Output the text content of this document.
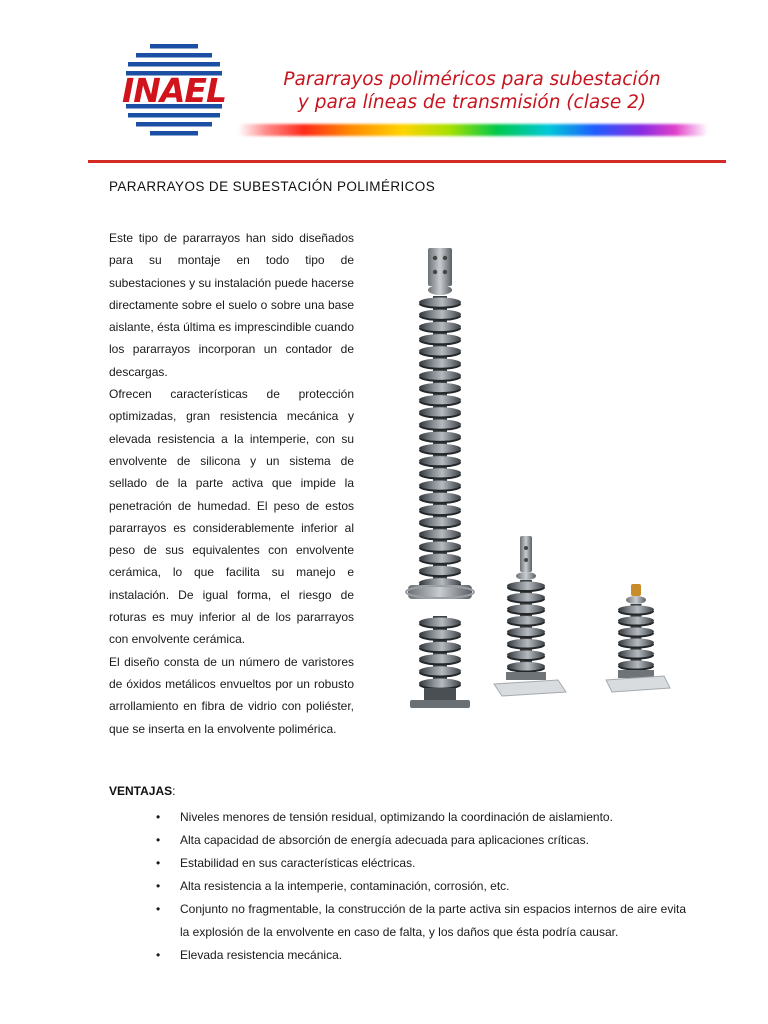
INAEL	Pararrayos poliméricos para subestación
y para líneas de transmisión (clase 2)
PARARRAYOS DE SUBESTACIÓN POLIMÉRICOS

Este tipo de pararrayos han sido diseñados para su montaje en todo tipo de subestaciones y su instalación puede hacerse directamente sobre el suelo o sobre una base aislante, ésta última es imprescindible cuando los pararrayos incorporan un contador de descargas.

Ofrecen características de protección optimizadas, gran resistencia mecánica y elevada resistencia a la intemperie, con su envolvente de silicona y un sistema de sellado de la parte activa que impide la penetración de humedad. El peso de estos pararrayos es considerablemente inferior al peso de sus equivalentes con envolvente cerámica, lo que facilita su manejo e instalación. De igual forma, el riesgo de roturas es muy inferior al de los pararrayos con envolvente cerámica.

El diseño consta de un número de varistores de óxidos metálicos envueltos por un robusto arrollamiento en fibra de vidrio con poliéster, que se inserta en la envolvente polimérica.

VENTAJAS:
• Niveles menores de tensión residual, optimizando la coordinación de aislamiento.
• Alta capacidad de absorción de energía adecuada para aplicaciones críticas.
• Estabilidad en sus características eléctricas.
• Alta resistencia a la intemperie, contaminación, corrosión, etc.
• Conjunto no fragmentable, la construcción de la parte activa sin espacios internos de aire evita la explosión de la envolvente en caso de falta, y los daños que ésta podría causar.
• Elevada resistencia mecánica.
